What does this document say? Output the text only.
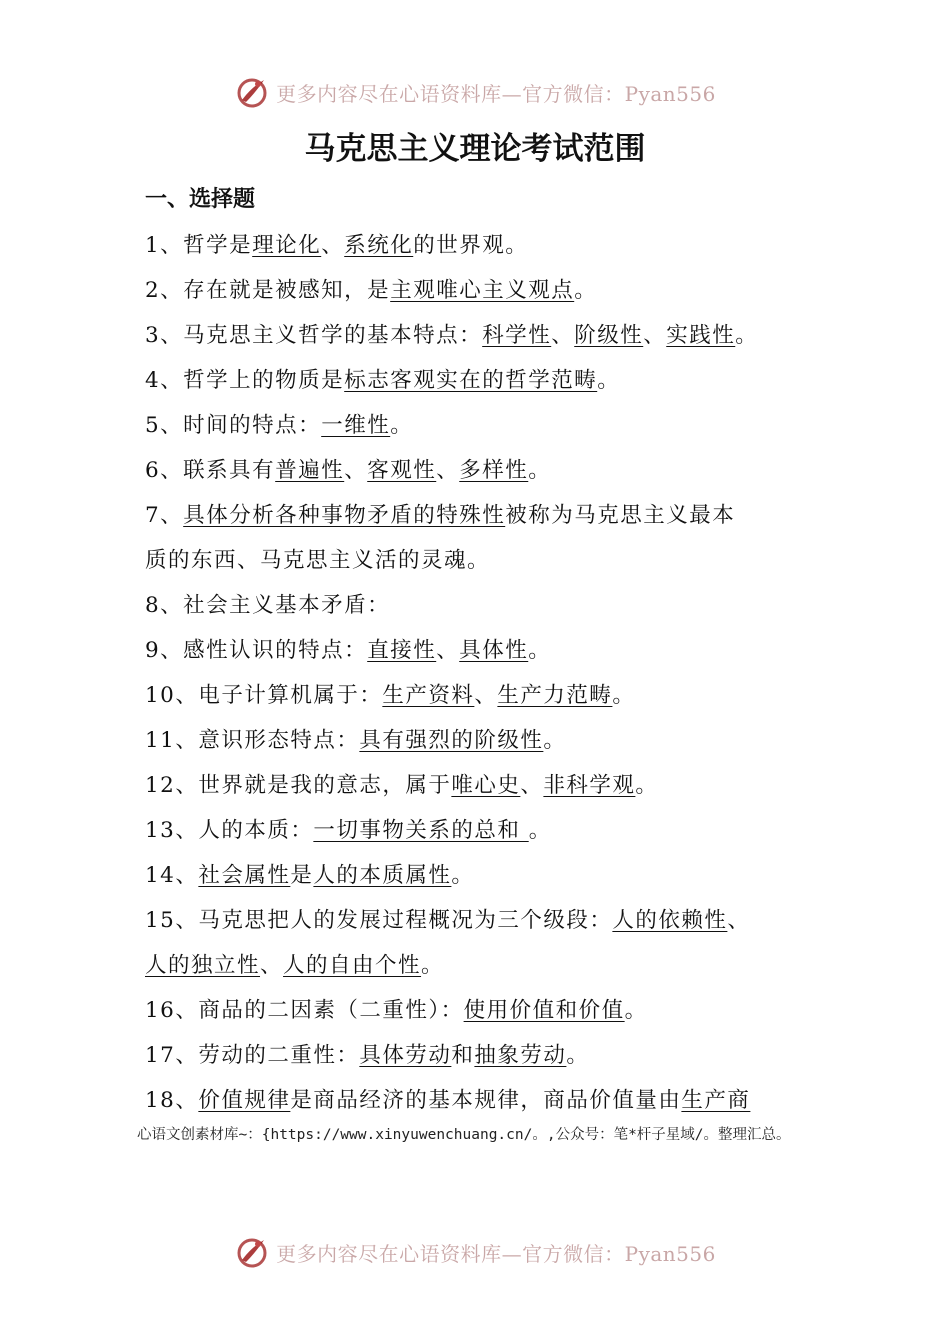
更多内容尽在心语资料库—官方微信：Pyan556
马克思主义理论考试范围
一、选择题
1、哲学是理论化、系统化的世界观。
2、存在就是被感知，是主观唯心主义观点。
3、马克思主义哲学的基本特点：科学性、阶级性、实践性。
4、哲学上的物质是标志客观实在的哲学范畴。
5、时间的特点：一维性。
6、联系具有普遍性、客观性、多样性。
7、具体分析各种事物矛盾的特殊性被称为马克思主义最本
质的东西、马克思主义活的灵魂。
8、社会主义基本矛盾：
9、感性认识的特点：直接性、具体性。
10、电子计算机属于：生产资料、生产力范畴。
11、意识形态特点：具有强烈的阶级性。
12、世界就是我的意志，属于唯心史、非科学观。
13、人的本质：一切事物关系的总和 。
14、社会属性是人的本质属性。
15、马克思把人的发展过程概况为三个级段：人的依赖性、
人的独立性、人的自由个性。
16、商品的二因素（二重性）：使用价值和价值。
17、劳动的二重性：具体劳动和抽象劳动。
18、价值规律是商品经济的基本规律，商品价值量由生产商

心语文创素材库~：{https://www.xinyuwenchuang.cn/。,公众号：笔*杆子星域/。整理汇总。

更多内容尽在心语资料库—官方微信：Pyan556
